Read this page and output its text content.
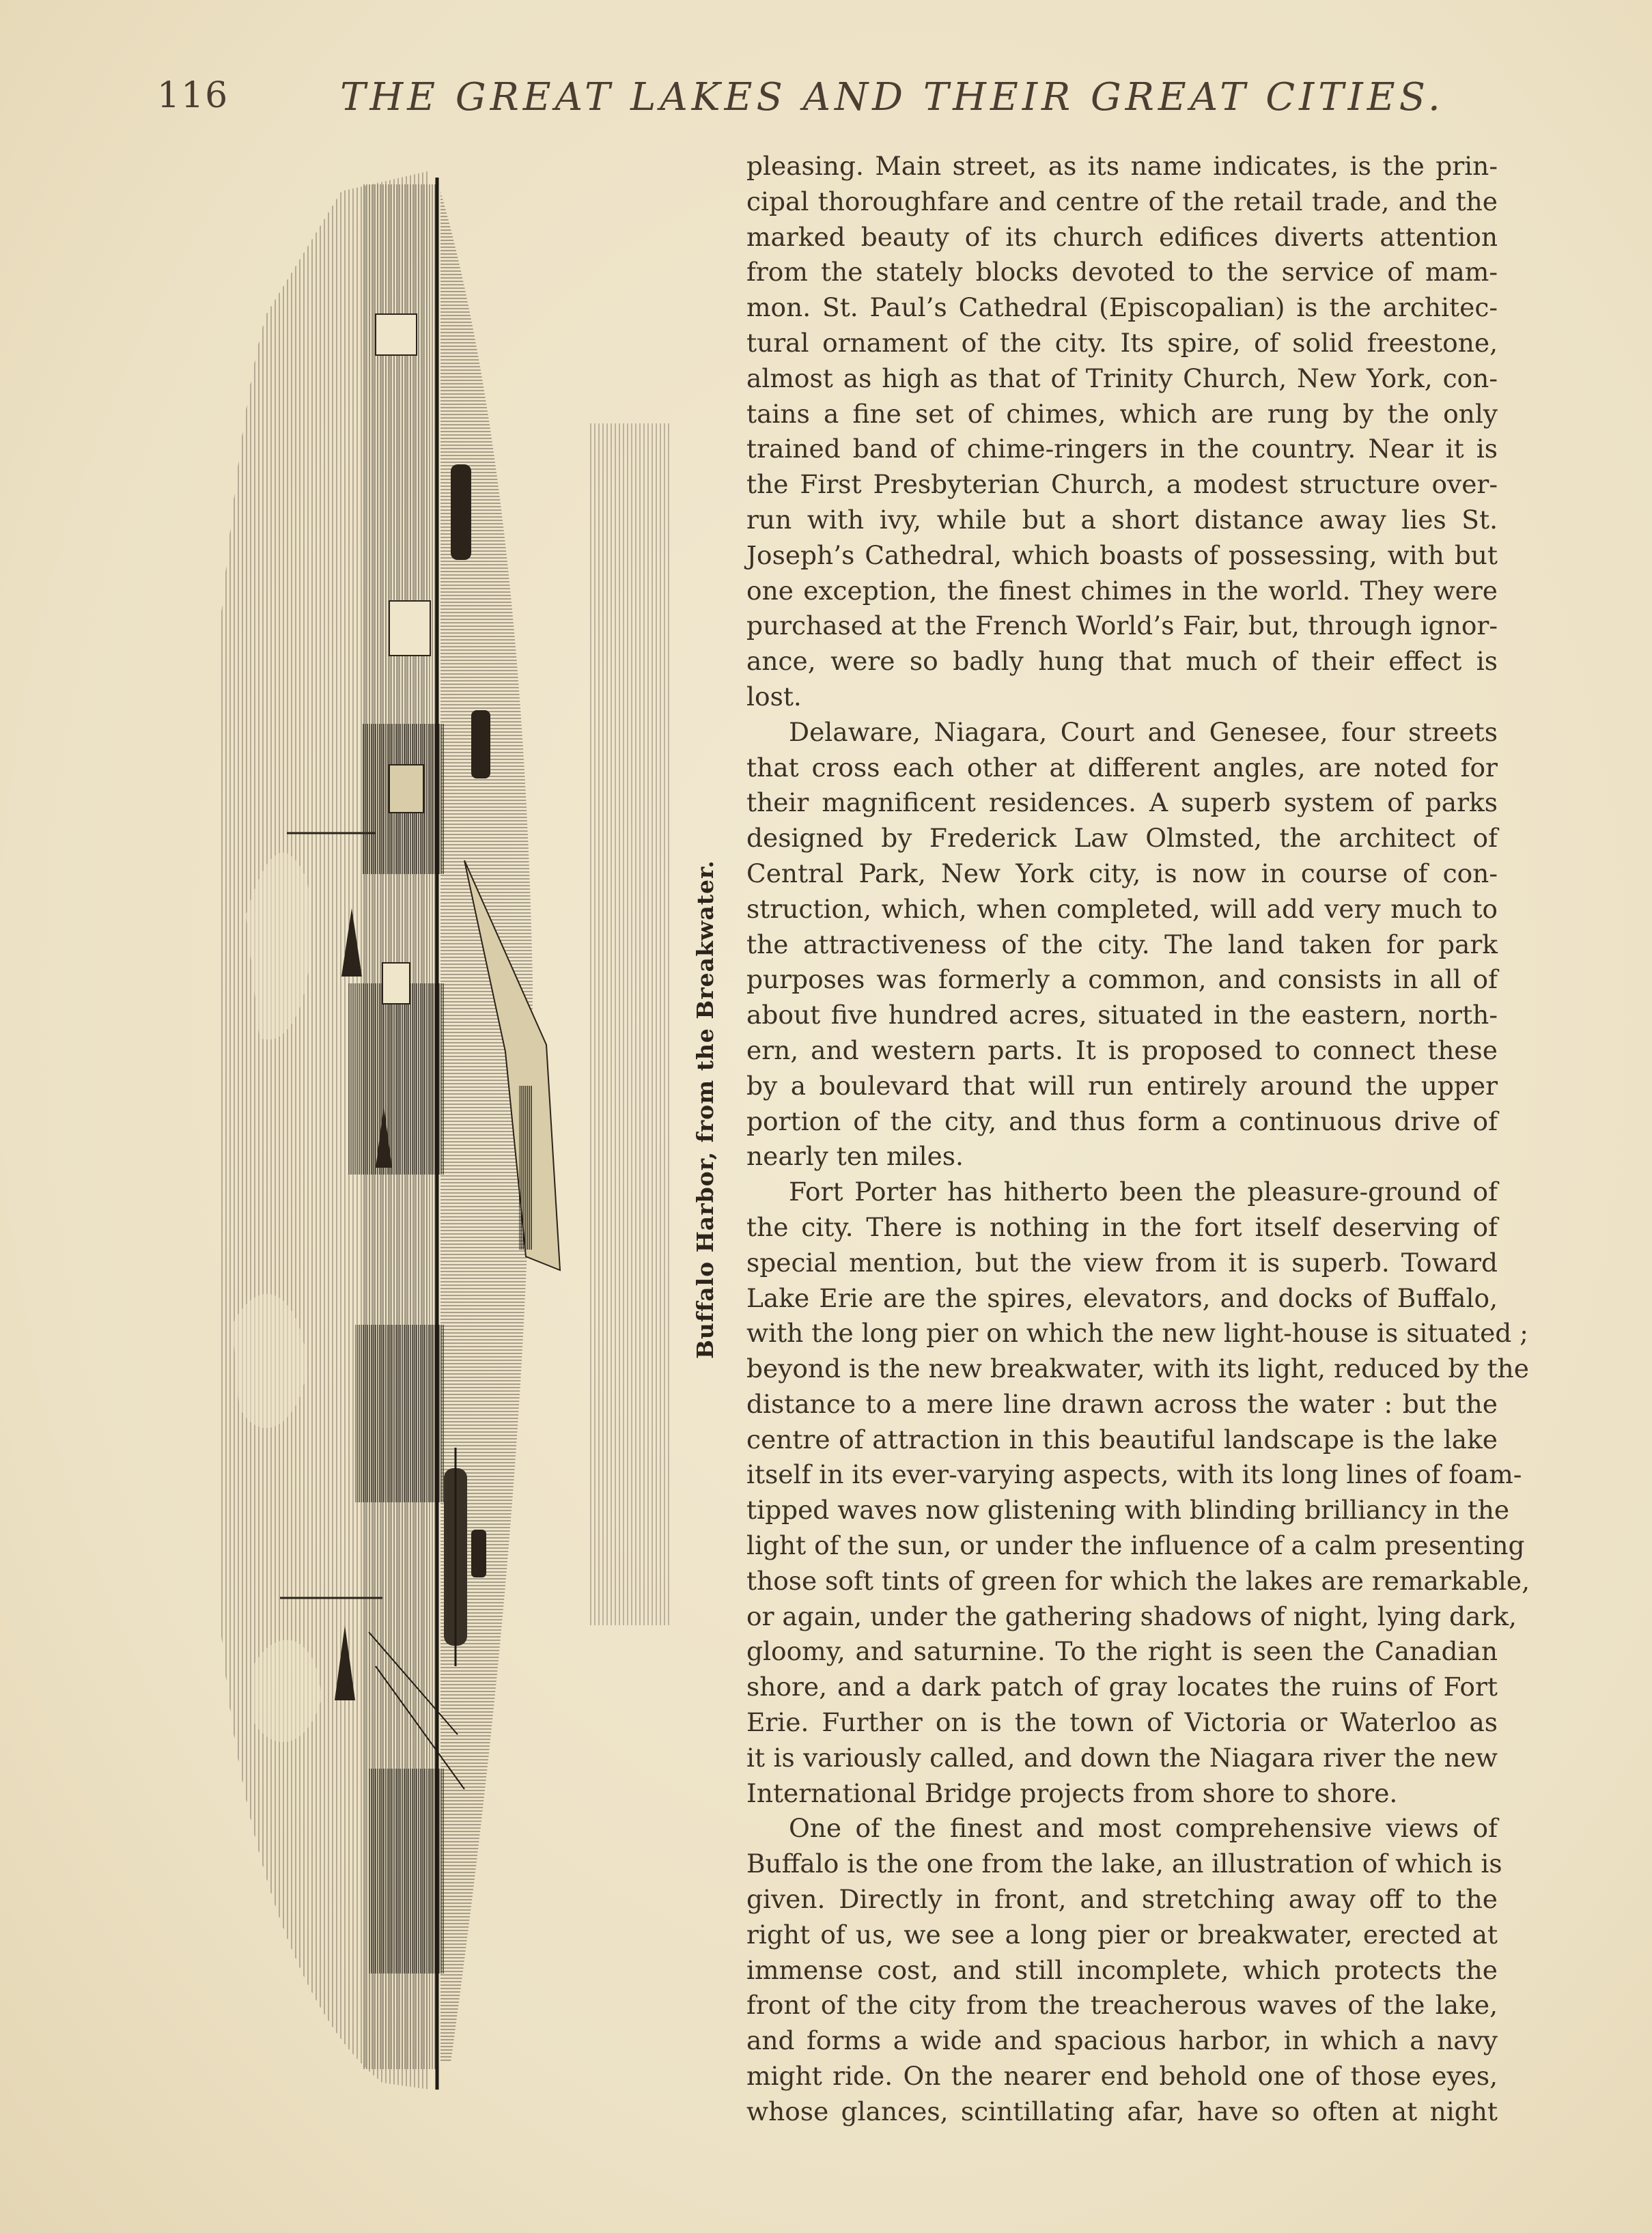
116	THE GREAT LAKES AND THEIR GREAT CITIES.
Buffalo Harbor, from the Breakwater.
pleasing. Main street, as its name indicates, is the prin-
cipal thoroughfare and centre of the retail trade, and the
marked beauty of its church edifices diverts attention
from the stately blocks devoted to the service of mam-
mon. St. Paul’s Cathedral (Episcopalian) is the architec-
tural ornament of the city. Its spire, of solid freestone,
almost as high as that of Trinity Church, New York, con-
tains a fine set of chimes, which are rung by the only
trained band of chime-ringers in the country. Near it is
the First Presbyterian Church, a modest structure over-
run with ivy, while but a short distance away lies St.
Joseph’s Cathedral, which boasts of possessing, with but
one exception, the finest chimes in the world. They were
purchased at the French World’s Fair, but, through ignor-
ance, were so badly hung that much of their effect is
lost.
Delaware, Niagara, Court and Genesee, four streets
that cross each other at different angles, are noted for
their magnificent residences. A superb system of parks
designed by Frederick Law Olmsted, the architect of
Central Park, New York city, is now in course of con-
struction, which, when completed, will add very much to
the attractiveness of the city. The land taken for park
purposes was formerly a common, and consists in all of
about five hundred acres, situated in the eastern, north-
ern, and western parts. It is proposed to connect these
by a boulevard that will run entirely around the upper
portion of the city, and thus form a continuous drive of
nearly ten miles.
Fort Porter has hitherto been the pleasure-ground of
the city. There is nothing in the fort itself deserving of
special mention, but the view from it is superb. Toward
Lake Erie are the spires, elevators, and docks of Buffalo,
with the long pier on which the new light-house is situated ;
beyond is the new breakwater, with its light, reduced by the
distance to a mere line drawn across the water : but the
centre of attraction in this beautiful landscape is the lake
itself in its ever-varying aspects, with its long lines of foam-
tipped waves now glistening with blinding brilliancy in the
light of the sun, or under the influence of a calm presenting
those soft tints of green for which the lakes are remarkable,
or again, under the gathering shadows of night, lying dark,
gloomy, and saturnine. To the right is seen the Canadian
shore, and a dark patch of gray locates the ruins of Fort
Erie. Further on is the town of Victoria or Waterloo as
it is variously called, and down the Niagara river the new
International Bridge projects from shore to shore.
One of the finest and most comprehensive views of
Buffalo is the one from the lake, an illustration of which is
given. Directly in front, and stretching away off to the
right of us, we see a long pier or breakwater, erected at
immense cost, and still incomplete, which protects the
front of the city from the treacherous waves of the lake,
and forms a wide and spacious harbor, in which a navy
might ride. On the nearer end behold one of those eyes,
whose glances, scintillating afar, have so often at night
